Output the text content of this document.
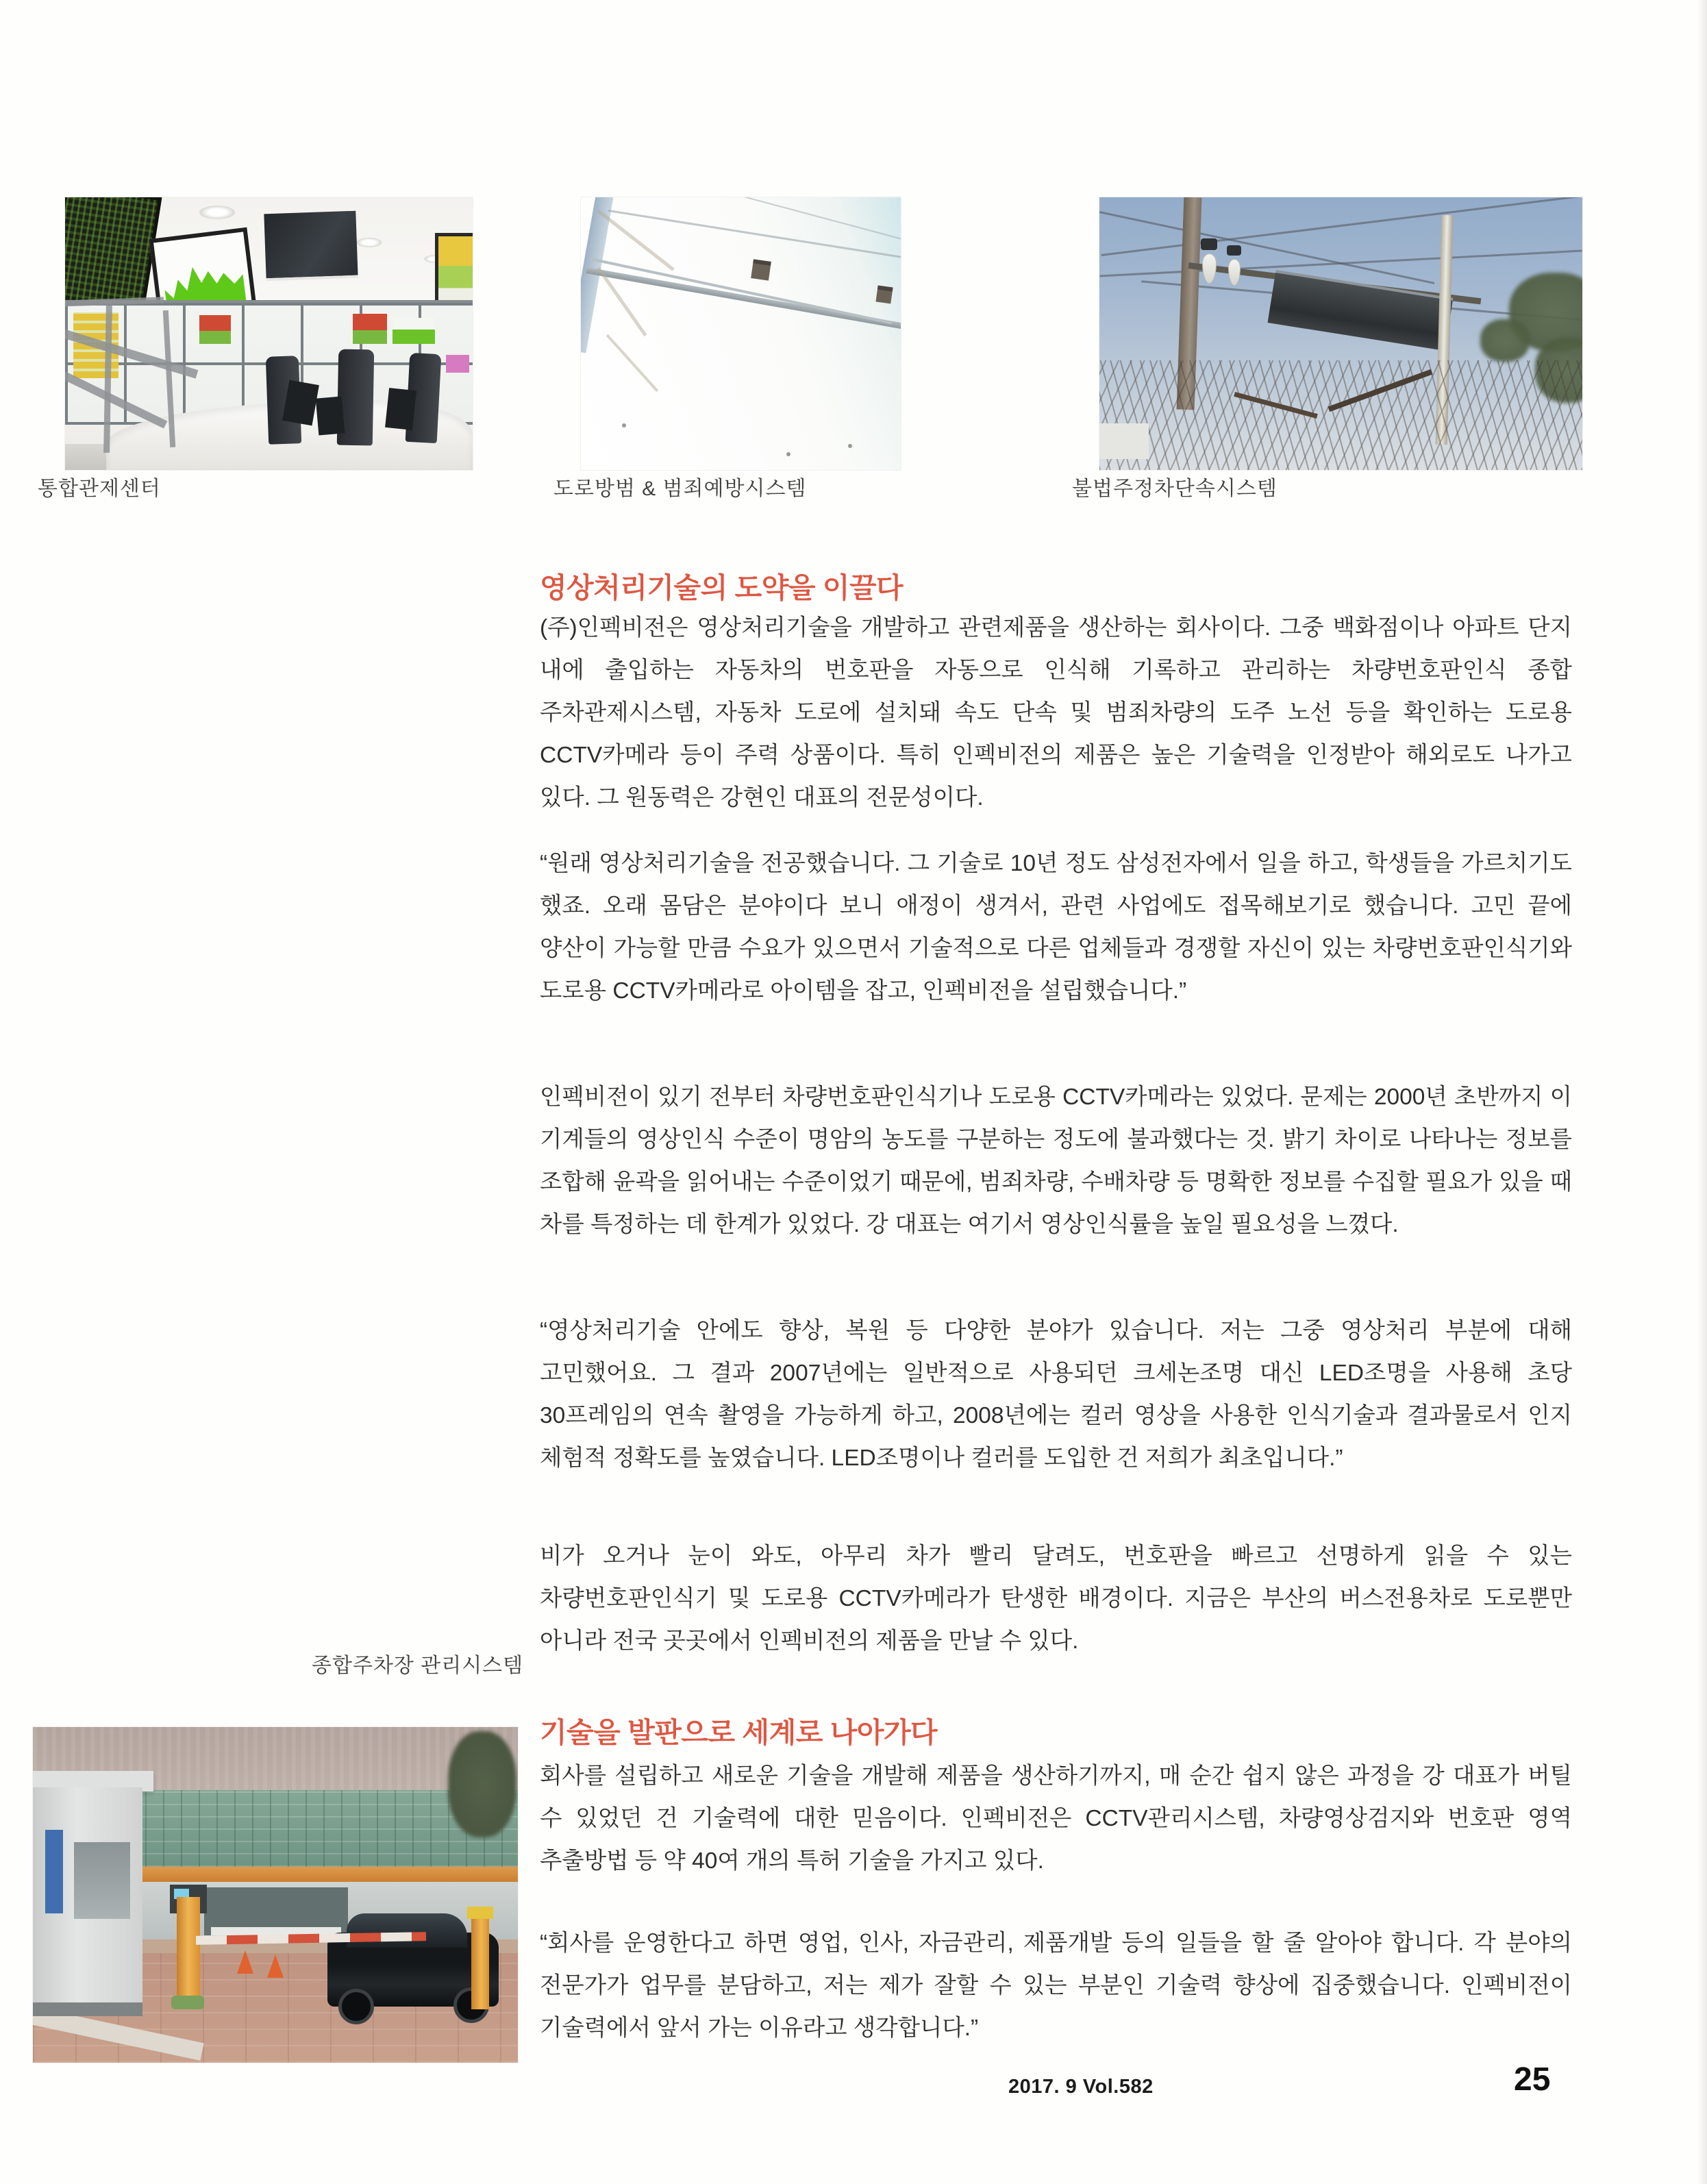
통합관제센터	도로방범 & 범죄예방시스템	불법주정차단속시스템
영상처리기술의 도약을 이끌다

(주)인펙비전은 영상처리기술을 개발하고 관련제품을 생산하는 회사이다. 그중 백화점이나 아파트 단지 내에 출입하는 자동차의 번호판을 자동으로 인식해 기록하고 관리하는 차량번호판인식 종합 주차관제시스템, 자동차 도로에 설치돼 속도 단속 및 범죄차량의 도주 노선 등을 확인하는 도로용 CCTV카메라 등이 주력 상품이다. 특히 인펙비전의 제품은 높은 기술력을 인정받아 해외로도 나가고 있다. 그 원동력은 강현인 대표의 전문성이다.

“원래 영상처리기술을 전공했습니다. 그 기술로 10년 정도 삼성전자에서 일을 하고, 학생들을 가르치기도 했죠. 오래 몸담은 분야이다 보니 애정이 생겨서, 관련 사업에도 접목해보기로 했습니다. 고민 끝에 양산이 가능할 만큼 수요가 있으면서 기술적으로 다른 업체들과 경쟁할 자신이 있는 차량번호판인식기와 도로용 CCTV카메라로 아이템을 잡고, 인펙비전을 설립했습니다.”

인펙비전이 있기 전부터 차량번호판인식기나 도로용 CCTV카메라는 있었다. 문제는 2000년 초반까지 이 기계들의 영상인식 수준이 명암의 농도를 구분하는 정도에 불과했다는 것. 밝기 차이로 나타나는 정보를 조합해 윤곽을 읽어내는 수준이었기 때문에, 범죄차량, 수배차량 등 명확한 정보를 수집할 필요가 있을 때 차를 특정하는 데 한계가 있었다. 강 대표는 여기서 영상인식률을 높일 필요성을 느꼈다.

“영상처리기술 안에도 향상, 복원 등 다양한 분야가 있습니다. 저는 그중 영상처리 부분에 대해 고민했어요. 그 결과 2007년에는 일반적으로 사용되던 크세논조명 대신 LED조명을 사용해 초당 30프레임의 연속 촬영을 가능하게 하고, 2008년에는 컬러 영상을 사용한 인식기술과 결과물로서 인지 체험적 정확도를 높였습니다. LED조명이나 컬러를 도입한 건 저희가 최초입니다.”

비가 오거나 눈이 와도, 아무리 차가 빨리 달려도, 번호판을 빠르고 선명하게 읽을 수 있는 차량번호판인식기 및 도로용 CCTV카메라가 탄생한 배경이다. 지금은 부산의 버스전용차로 도로뿐만 아니라 전국 곳곳에서 인펙비전의 제품을 만날 수 있다.

종합주차장 관리시스템
기술을 발판으로 세계로 나아가다

회사를 설립하고 새로운 기술을 개발해 제품을 생산하기까지, 매 순간 쉽지 않은 과정을 강 대표가 버틸 수 있었던 건 기술력에 대한 믿음이다. 인펙비전은 CCTV관리시스템, 차량영상검지와 번호판 영역 추출방법 등 약 40여 개의 특허 기술을 가지고 있다.

“회사를 운영한다고 하면 영업, 인사, 자금관리, 제품개발 등의 일들을 할 줄 알아야 합니다. 각 분야의 전문가가 업무를 분담하고, 저는 제가 잘할 수 있는 부분인 기술력 향상에 집중했습니다. 인펙비전이 기술력에서 앞서 가는 이유라고 생각합니다.”

2017. 9 Vol.582	25
